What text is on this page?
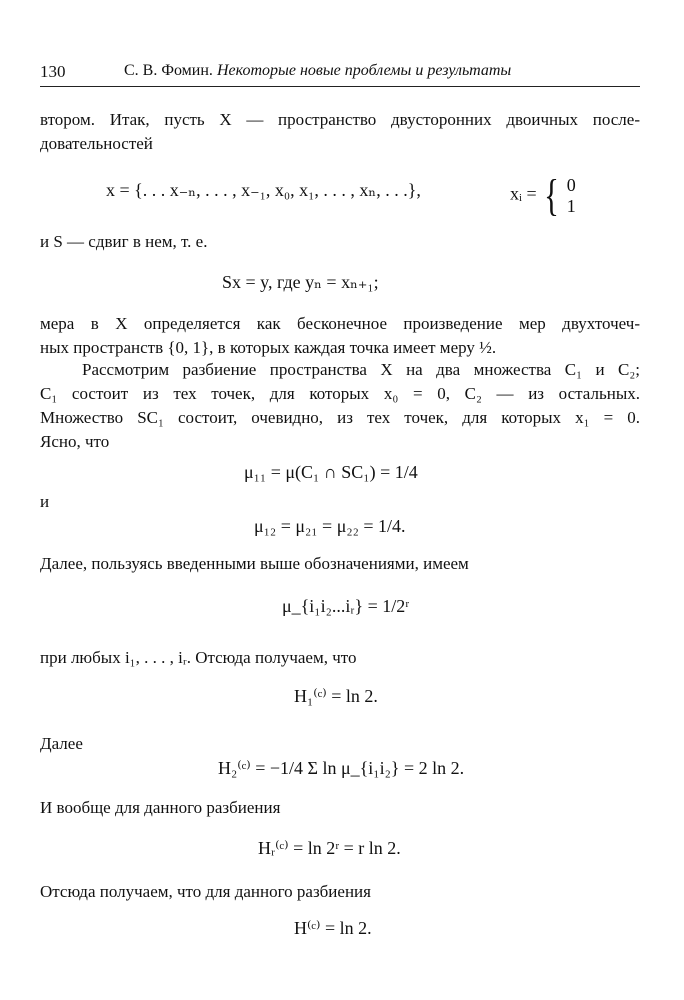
130	С. В. Фомин. Некоторые новые проблемы и результаты
втором. Итак, пусть X — пространство двусторонних двоичных после-
довательностей
x = {. . . x₋ₙ, . . . , x₋₁, x₀, x₁, . . . , xₙ, . . .},	xᵢ = { 0
1
и S — сдвиг в нем, т. е.
Sx = y, где yₙ = xₙ₊₁;
мера в X определяется как бесконечное произведение мер двухточеч-
ных пространств {0, 1}, в которых каждая точка имеет меру ½.
Рассмотрим разбиение пространства X на два множества C₁ и C₂;
C₁ состоит из тех точек, для которых x₀ = 0, C₂ — из остальных.
Множество SC₁ состоит, очевидно, из тех точек, для которых x₁ = 0.
Ясно, что
μ₁₁ = μ(C₁ ∩ SC₁) = 1/4
и
μ₁₂ = μ₂₁ = μ₂₂ = 1/4.
Далее, пользуясь введенными выше обозначениями, имеем
μ_{i₁i₂...iᵣ} = 1/2ʳ
при любых i₁, . . . , iᵣ. Отсюда получаем, что
H₁⁽ᶜ⁾ = ln 2.
Далее
H₂⁽ᶜ⁾ = −1/4 Σ ln μ_{i₁i₂} = 2 ln 2.
И вообще для данного разбиения
Hᵣ⁽ᶜ⁾ = ln 2ʳ = r ln 2.
Отсюда получаем, что для данного разбиения
H⁽ᶜ⁾ = ln 2.
